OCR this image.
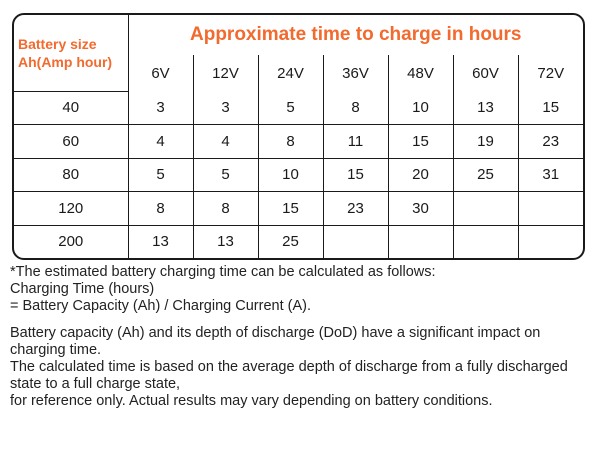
Battery size
Ah(Amp hour)	Approximate time to charge in hours						
	6V	12V	24V	36V	48V	60V	72V
40	3	3	5	8	10	13	15
60	4	4	8	11	15	19	23
80	5	5	10	15	20	25	31
120	8	8	15	23	30		
200	13	13	25				

*The estimated battery charging time can be calculated as follows:

Charging Time (hours)

= Battery Capacity (Ah) / Charging Current (A).

Battery capacity (Ah) and its depth of discharge (DoD) have a significant impact on charging time.

The calculated time is based on the average depth of discharge from a fully discharged state to a full charge state,

for reference only. Actual results may vary depending on battery conditions.
